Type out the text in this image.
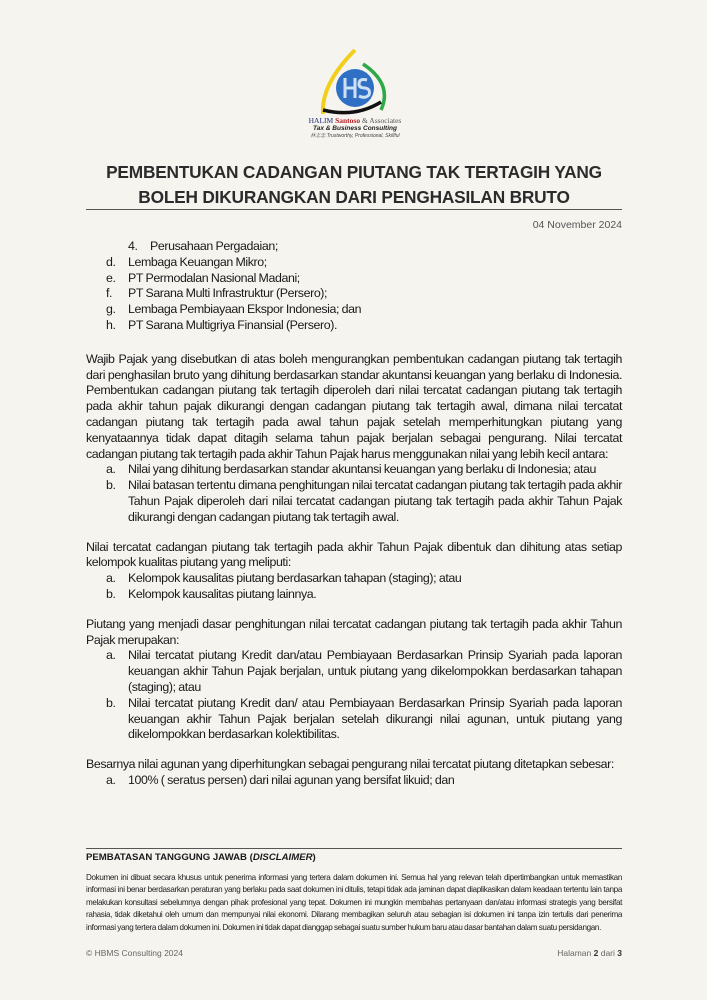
HALIM Santoso & Associates
Tax & Business Consulting
林志忠 Trustworthy, Professional, Skillful
PEMBENTUKAN CADANGAN PIUTANG TAK TERTAGIH YANG
BOLEH DIKURANGKAN DARI PENGHASILAN BRUTO
04 November 2024
4. Perusahaan Pergadaian;
d. Lembaga Keuangan Mikro;
e. PT Permodalan Nasional Madani;
f. PT Sarana Multi Infrastruktur (Persero);
g. Lembaga Pembiayaan Ekspor Indonesia; dan
h. PT Sarana Multigriya Finansial (Persero).

Wajib Pajak yang disebutkan di atas boleh mengurangkan pembentukan cadangan piutang tak tertagih dari penghasilan bruto yang dihitung berdasarkan standar akuntansi keuangan yang berlaku di Indonesia. Pembentukan cadangan piutang tak tertagih diperoleh dari nilai tercatat cadangan piutang tak tertagih pada akhir tahun pajak dikurangi dengan cadangan piutang tak tertagih awal, dimana nilai tercatat cadangan piutang tak tertagih pada awal tahun pajak setelah memperhitungkan piutang yang kenyataannya tidak dapat ditagih selama tahun pajak berjalan sebagai pengurang. Nilai tercatat cadangan piutang tak tertagih pada akhir Tahun Pajak harus menggunakan nilai yang lebih kecil antara:

a. Nilai yang dihitung berdasarkan standar akuntansi keuangan yang berlaku di Indonesia; atau

b. Nilai batasan tertentu dimana penghitungan nilai tercatat cadangan piutang tak tertagih pada akhir Tahun Pajak diperoleh dari nilai tercatat cadangan piutang tak tertagih pada akhir Tahun Pajak dikurangi dengan cadangan piutang tak tertagih awal.

Nilai tercatat cadangan piutang tak tertagih pada akhir Tahun Pajak dibentuk dan dihitung atas setiap kelompok kualitas piutang yang meliputi:

a. Kelompok kausalitas piutang berdasarkan tahapan (staging); atau

b. Kelompok kausalitas piutang lainnya.

Piutang yang menjadi dasar penghitungan nilai tercatat cadangan piutang tak tertagih pada akhir Tahun Pajak merupakan:

a. Nilai tercatat piutang Kredit dan/atau Pembiayaan Berdasarkan Prinsip Syariah pada laporan keuangan akhir Tahun Pajak berjalan, untuk piutang yang dikelompokkan berdasarkan tahapan (staging); atau

b. Nilai tercatat piutang Kredit dan/ atau Pembiayaan Berdasarkan Prinsip Syariah pada laporan keuangan akhir Tahun Pajak berjalan setelah dikurangi nilai agunan, untuk piutang yang dikelompokkan berdasarkan kolektibilitas.

Besarnya nilai agunan yang diperhitungkan sebagai pengurang nilai tercatat piutang ditetapkan sebesar:

a. 100% ( seratus persen) dari nilai agunan yang bersifat likuid; dan

PEMBATASAN TANGGUNG JAWAB (DISCLAIMER)
Dokumen ini dibuat secara khusus untuk penerima informasi yang tertera dalam dokumen ini. Semua hal yang relevan telah dipertimbangkan untuk memastikan informasi ini benar berdasarkan peraturan yang berlaku pada saat dokumen ini ditulis, tetapi tidak ada jaminan dapat diaplikasikan dalam keadaan tertentu lain tanpa melakukan konsultasi sebelumnya dengan pihak profesional yang tepat. Dokumen ini mungkin membahas pertanyaan dan/atau informasi strategis yang bersifat rahasia, tidak diketahui oleh umum dan mempunyai nilai ekonomi. Dilarang membagikan seluruh atau sebagian isi dokumen ini tanpa izin tertulis dari penerima informasi yang tertera dalam dokumen ini. Dokumen ini tidak dapat dianggap sebagai suatu sumber hukum baru atau dasar bantahan dalam suatu persidangan.
© HBMS Consulting 2024	Halaman 2 dari 3
